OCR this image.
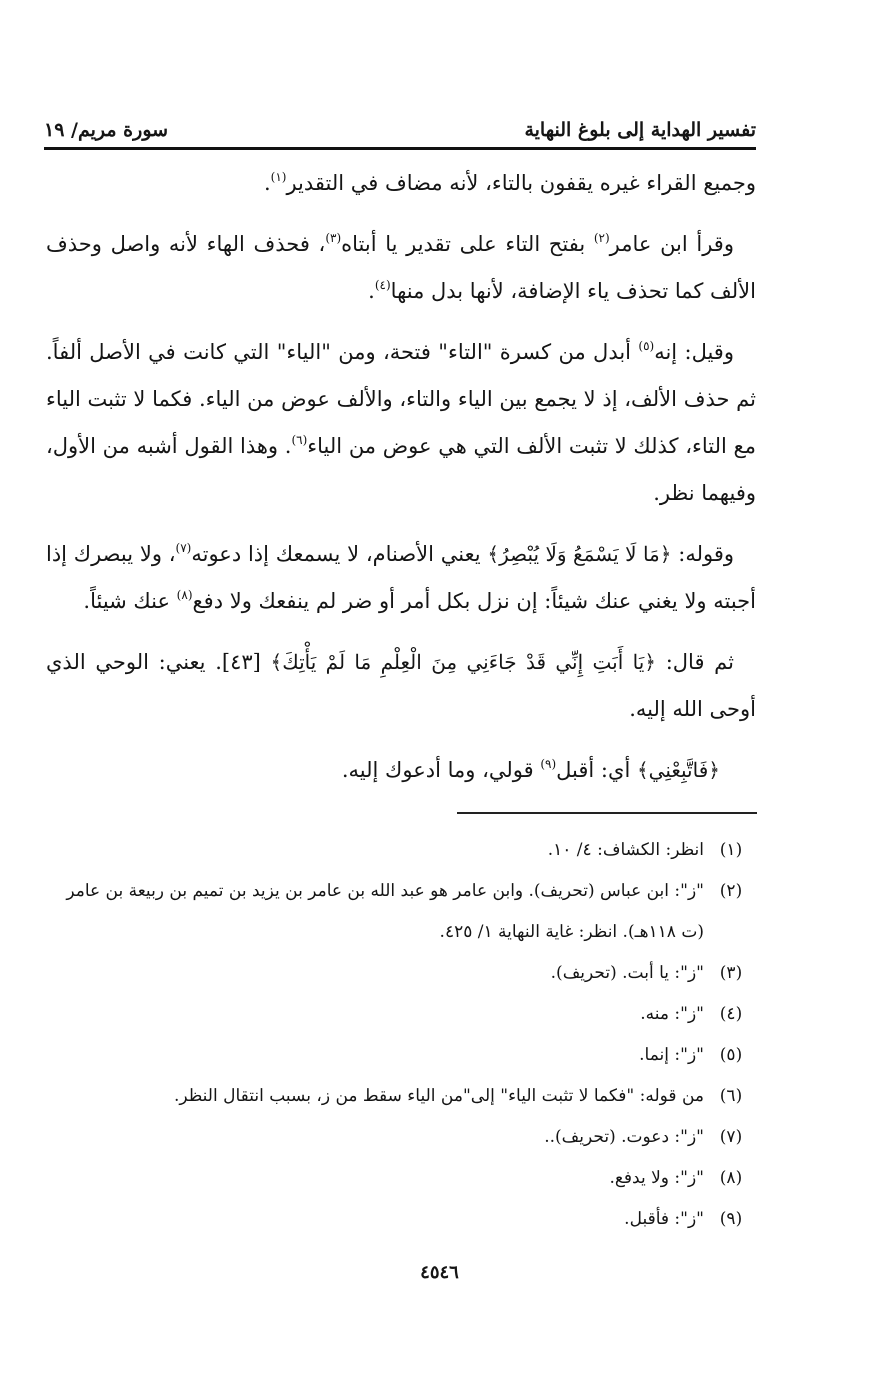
تفسير الهداية إلى بلوغ النهاية
سورة مريم/ ١٩

وجميع القراء غيره يقفون بالتاء، لأنه مضاف في التقدير$^{(١)}$.

وقرأ ابن عامر$^{(٢)}$ بفتح التاء على تقدير يا أبتاه$^{(٣)}$، فحذف الهاء لأنه واصل وحذف الألف كما تحذف ياء الإضافة، لأنها بدل منها$^{(٤)}$.

وقيل: إنه$^{(٥)}$ أبدل من كسرة "التاء" فتحة، ومن "الياء" التي كانت في الأصل ألفاً. ثم حذف الألف، إذ لا يجمع بين الياء والتاء، والألف عوض من الياء. فكما لا تثبت الياء مع التاء، كذلك لا تثبت الألف التي هي عوض من الياء$^{(٦)}$. وهذا القول أشبه من الأول، وفيهما نظر.

وقوله: ﴿مَا لَا يَسْمَعُ وَلَا يُبْصِرُ﴾ يعني الأصنام، لا يسمعك إذا دعوته$^{(٧)}$، ولا يبصرك إذا أجبته ولا يغني عنك شيئاً: إن نزل بكل أمر أو ضر لم ينفعك ولا دفع$^{(٨)}$ عنك شيئاً.

ثم قال: ﴿يَا أَبَتِ إِنِّي قَدْ جَاءَنِي مِنَ الْعِلْمِ مَا لَمْ يَأْتِكَ﴾ [٤٣]. يعني: الوحي الذي أوحى الله إليه.

﴿فَاتَّبِعْنِي﴾ أي: أقبل$^{(٩)}$ قولي، وما أدعوك إليه.

(١)
انظر: الكشاف: ٤/ ١٠.
(٢)
"ز": ابن عباس (تحريف). وابن عامر هو عبد الله بن عامر بن يزيد بن تميم بن ربيعة بن عامر (ت ١١٨هـ). انظر: غاية النهاية ١/ ٤٢٥.
(٣)
"ز": يا أبت. (تحريف).
(٤)
"ز": منه.
(٥)
"ز": إنما.
(٦)
من قوله: "فكما لا تثبت الياء" إلى"من الياء سقط من ز، بسبب انتقال النظر.
(٧)
"ز": دعوت. (تحريف)..
(٨)
"ز": ولا يدفع.
(٩)
"ز": فأقبل.
٤٥٤٦
